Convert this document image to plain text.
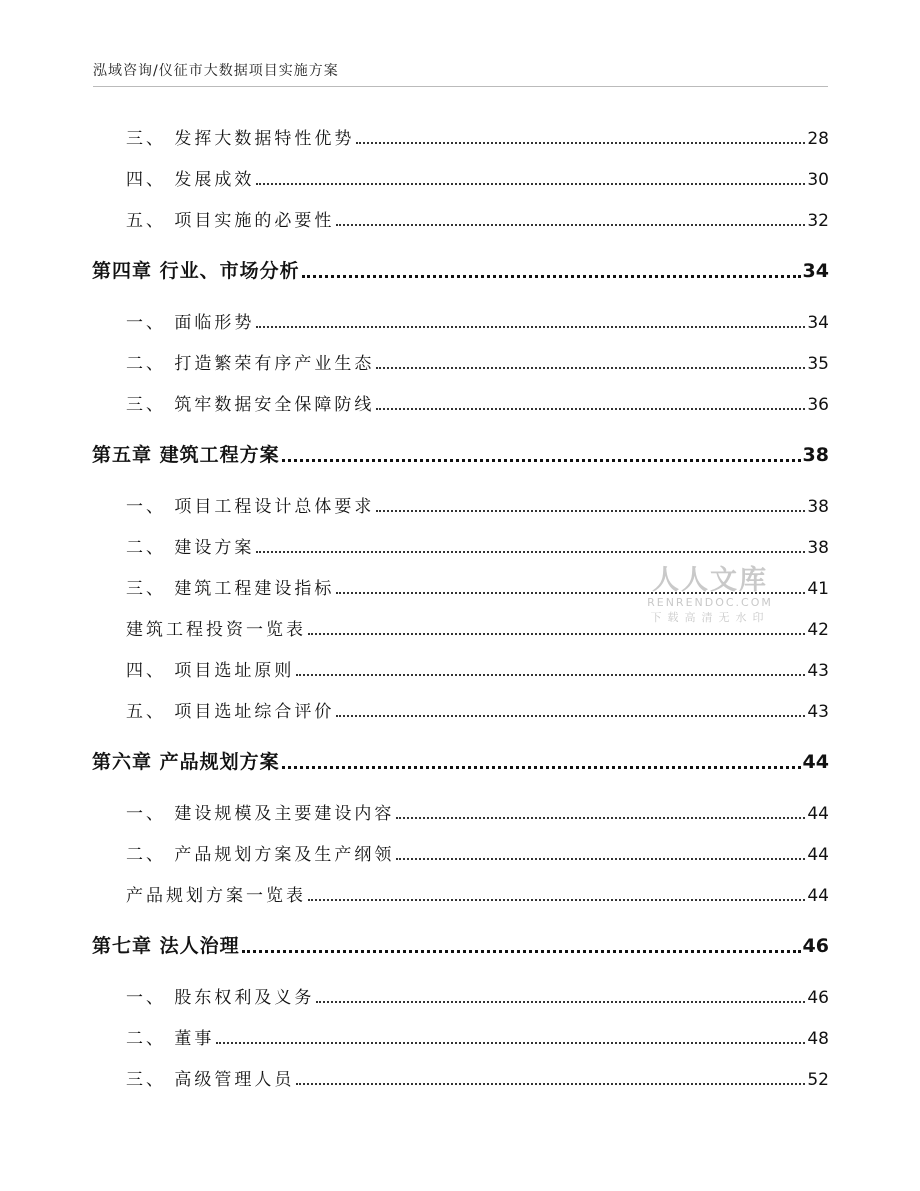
泓域咨询/仪征市大数据项目实施方案
三、 发挥大数据特性优势	28
四、 发展成效	30
五、 项目实施的必要性	32
第四章 行业、市场分析	34
一、 面临形势	34
二、 打造繁荣有序产业生态	35
三、 筑牢数据安全保障防线	36
第五章 建筑工程方案	38
一、 项目工程设计总体要求	38
二、 建设方案	38
三、 建筑工程建设指标	41
建筑工程投资一览表	42
四、 项目选址原则	43
五、 项目选址综合评价	43
第六章 产品规划方案	44
一、 建设规模及主要建设内容	44
二、 产品规划方案及生产纲领	44
产品规划方案一览表	44
第七章 法人治理	46
一、 股东权利及义务	46
二、 董事	48
三、 高级管理人员	52
人人文库
RENRENDOC.COM
下载高清无水印
